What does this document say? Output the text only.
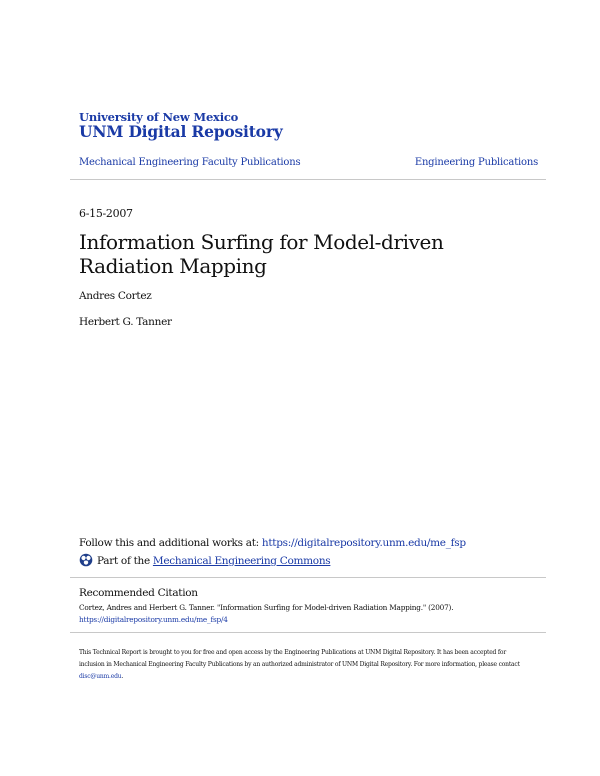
University of New Mexico
UNM Digital Repository
Mechanical Engineering Faculty Publications	Engineering Publications
6-15-2007
Information Surfing for Model-driven Radiation Mapping
Andres Cortez
Herbert G. Tanner
Follow this and additional works at: https://digitalrepository.unm.edu/me_fsp
Part of the Mechanical Engineering Commons
Recommended Citation
Cortez, Andres and Herbert G. Tanner. "Information Surfing for Model-driven Radiation Mapping." (2007).
https://digitalrepository.unm.edu/me_fsp/4
This Technical Report is brought to you for free and open access by the Engineering Publications at UNM Digital Repository. It has been accepted for inclusion in Mechanical Engineering Faculty Publications by an authorized administrator of UNM Digital Repository. For more information, please contact disc@unm.edu.
